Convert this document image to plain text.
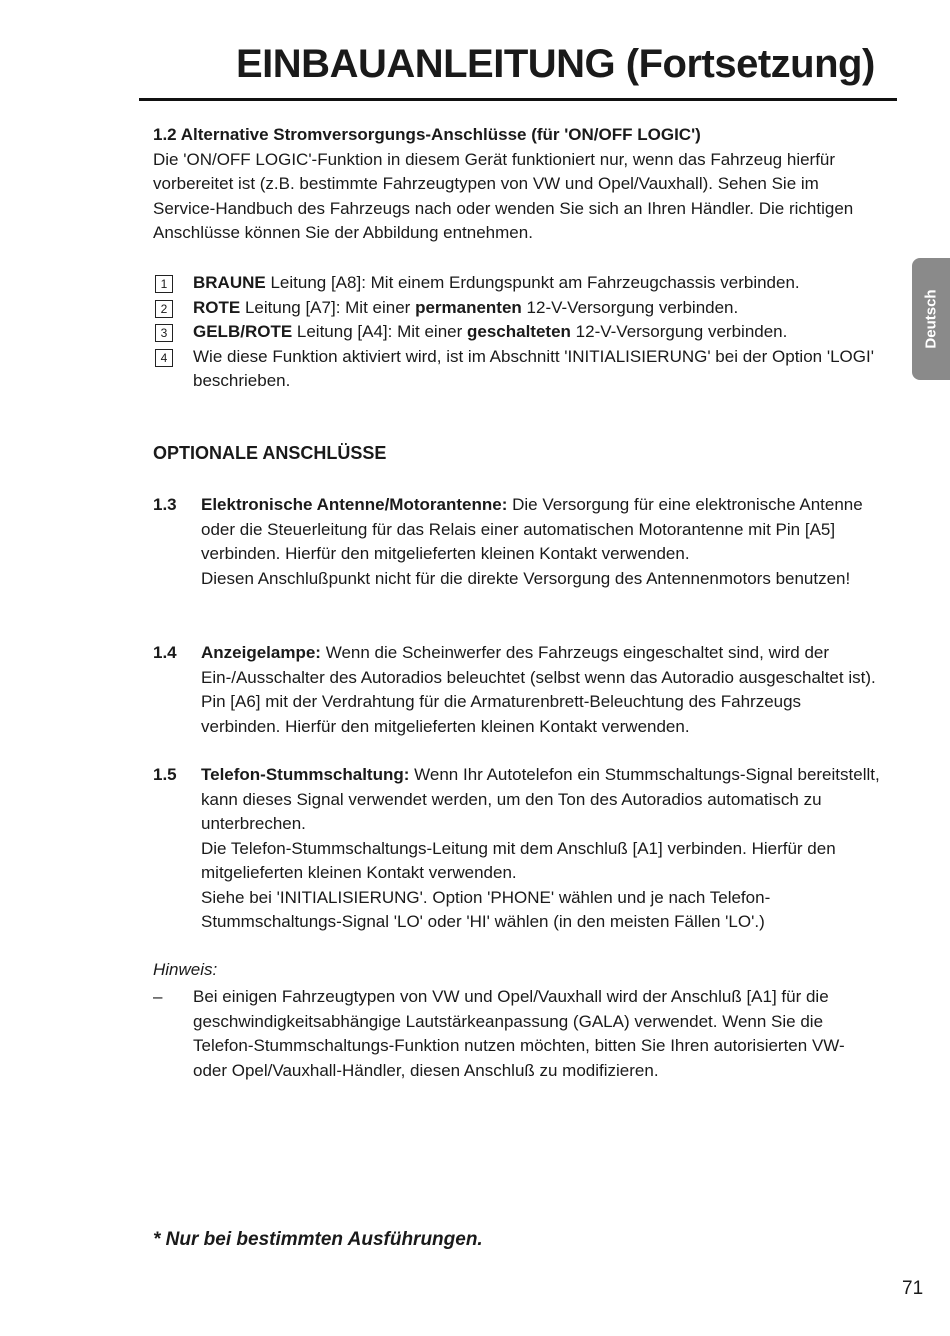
EINBAUANLEITUNG (Fortsetzung)
Deutsch
1.2 Alternative Stromversorgungs-Anschlüsse (für 'ON/OFF LOGIC')
Die 'ON/OFF LOGIC'-Funktion in diesem Gerät funktioniert nur, wenn das Fahrzeug hierfür vorbereitet ist (z.B. bestimmte Fahrzeugtypen von VW und Opel/Vauxhall). Sehen Sie im Service-Handbuch des Fahrzeugs nach oder wenden Sie sich an Ihren Händler. Die richtigen Anschlüsse können Sie der Abbildung entnehmen.
1	BRAUNE Leitung [A8]: Mit einem Erdungspunkt am Fahrzeugchassis verbinden.
2	ROTE Leitung [A7]: Mit einer permanenten 12-V-Versorgung verbinden.
3	GELB/ROTE Leitung [A4]: Mit einer geschalteten 12-V-Versorgung verbinden.
4	Wie diese Funktion aktiviert wird, ist im Abschnitt 'INITIALISIERUNG' bei der Option 'LOGI' beschrieben.
OPTIONALE ANSCHLÜSSE
1.3	Elektronische Antenne/Motorantenne: Die Versorgung für eine elektronische Antenne oder die Steuerleitung für das Relais einer automatischen Motorantenne mit Pin [A5] verbinden. Hierfür den mitgelieferten kleinen Kontakt verwenden.
Diesen Anschlußpunkt nicht für die direkte Versorgung des Antennenmotors benutzen!
1.4	Anzeigelampe: Wenn die Scheinwerfer des Fahrzeugs eingeschaltet sind, wird der Ein-/Ausschalter des Autoradios beleuchtet (selbst wenn das Autoradio ausgeschaltet ist).
Pin [A6] mit der Verdrahtung für die Armaturenbrett-Beleuchtung des Fahrzeugs verbinden. Hierfür den mitgelieferten kleinen Kontakt verwenden.
1.5	Telefon-Stummschaltung: Wenn Ihr Autotelefon ein Stummschaltungs-Signal bereitstellt, kann dieses Signal verwendet werden, um den Ton des Autoradios automatisch zu unterbrechen.
Die Telefon-Stummschaltungs-Leitung mit dem Anschluß [A1] verbinden. Hierfür den mitgelieferten kleinen Kontakt verwenden.
Siehe bei 'INITIALISIERUNG'. Option 'PHONE' wählen und je nach Telefon-Stummschaltungs-Signal 'LO' oder 'HI' wählen (in den meisten Fällen 'LO'.)
Hinweis:
–	Bei einigen Fahrzeugtypen von VW und Opel/Vauxhall wird der Anschluß [A1] für die geschwindigkeitsabhängige Lautstärkeanpassung (GALA) verwendet. Wenn Sie die Telefon-Stummschaltungs-Funktion nutzen möchten, bitten Sie Ihren autorisierten VW- oder Opel/Vauxhall-Händler, diesen Anschluß zu modifizieren.
* Nur bei bestimmten Ausführungen.
71
